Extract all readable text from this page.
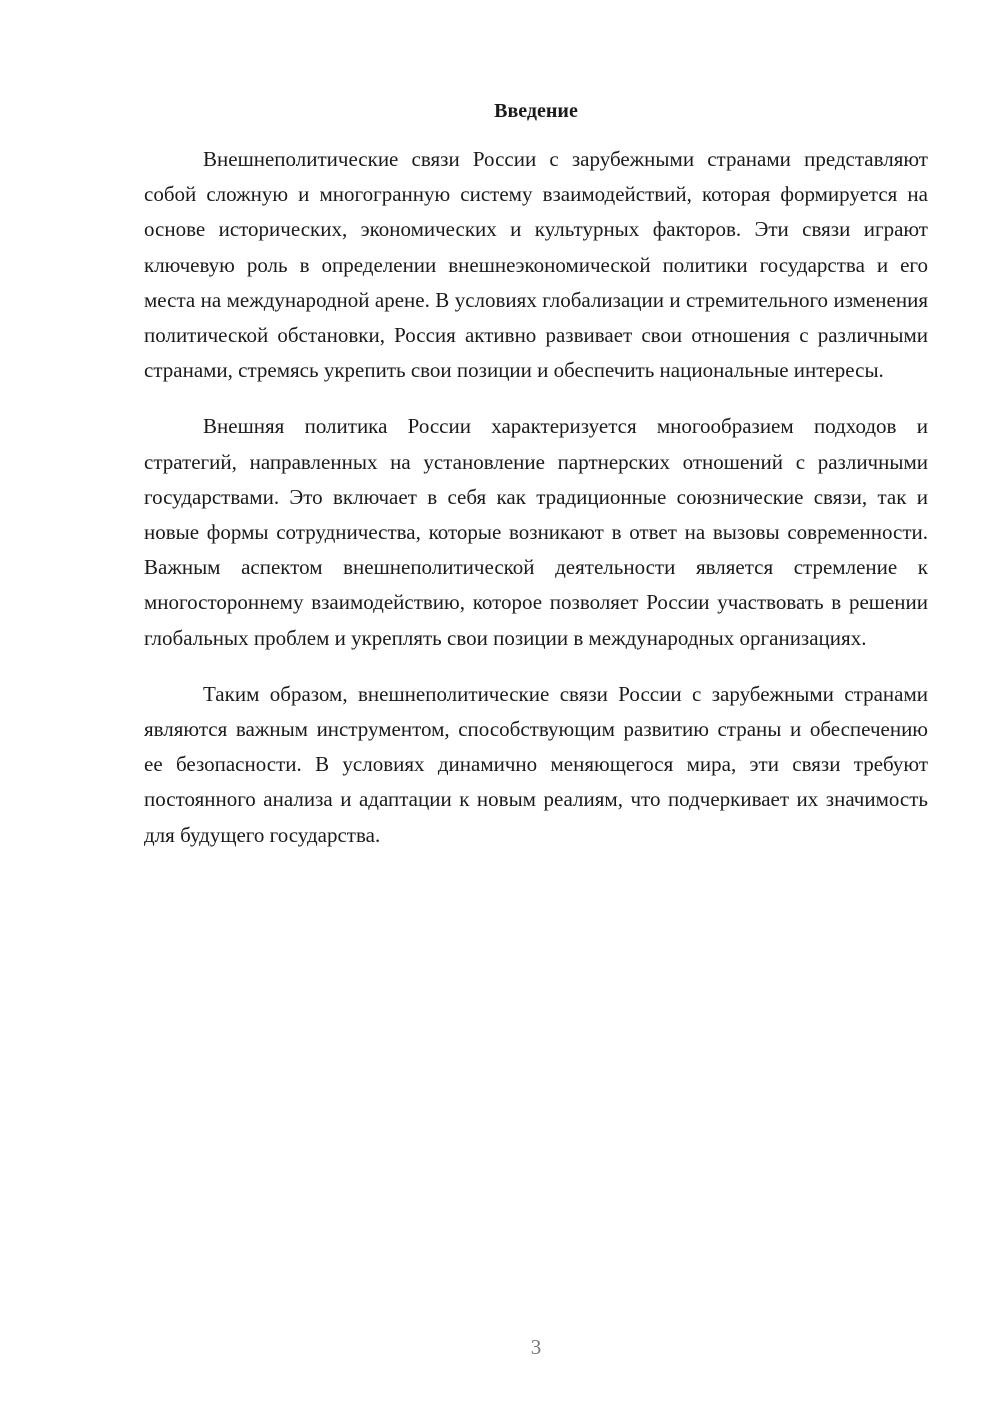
Введение

Внешнеполитические связи России с зарубежными странами представляют собой сложную и многогранную систему взаимодействий, которая формируется на основе исторических, экономических и культурных факторов. Эти связи играют ключевую роль в определении внешнеэкономической политики государства и его места на международной арене. В условиях глобализации и стремительного изменения политической обстановки, Россия активно развивает свои отношения с различными странами, стремясь укрепить свои позиции и обеспечить национальные интересы.

Внешняя политика России характеризуется многообразием подходов и стратегий, направленных на установление партнерских отношений с различными государствами. Это включает в себя как традиционные союзнические связи, так и новые формы сотрудничества, которые возникают в ответ на вызовы современности. Важным аспектом внешнеполитической деятельности является стремление к многостороннему взаимодействию, которое позволяет России участвовать в решении глобальных проблем и укреплять свои позиции в международных организациях.

Таким образом, внешнеполитические связи России с зарубежными странами являются важным инструментом, способствующим развитию страны и обеспечению ее безопасности. В условиях динамично меняющегося мира, эти связи требуют постоянного анализа и адаптации к новым реалиям, что подчеркивает их значимость для будущего государства.

3
